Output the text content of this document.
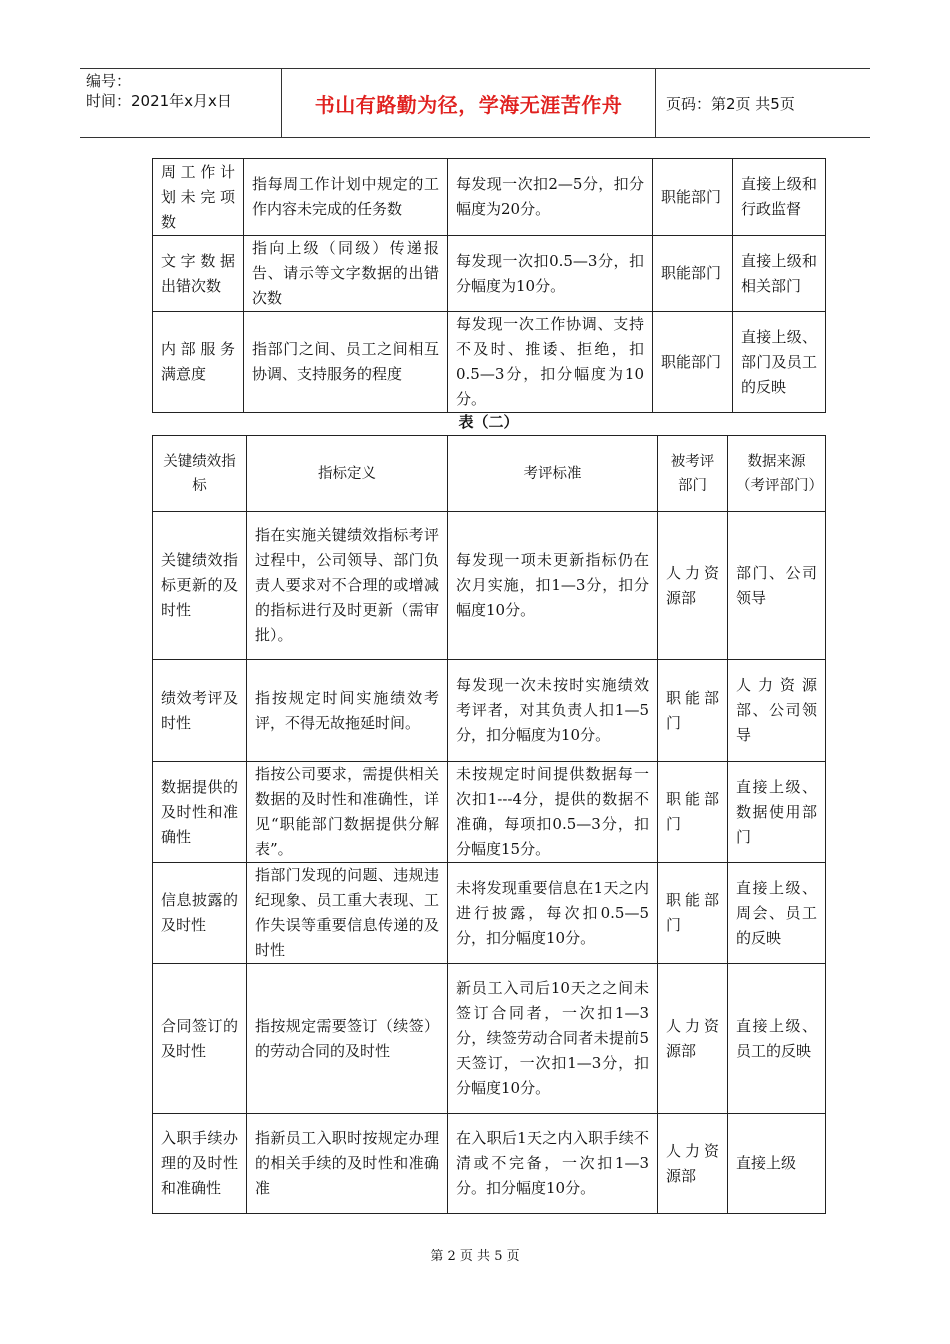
编号：
时间：2021年x月x日	书山有路勤为径，学海无涯苦作舟	页码：第2页 共5页
周工作计划未完项数	指每周工作计划中规定的工作内容未完成的任务数	每发现一次扣2—5分，扣分幅度为20分。	职能部门	直接上级和行政监督
文字数据出错次数	指向上级（同级）传递报告、请示等文字数据的出错次数	每发现一次扣0.5—3分，扣分幅度为10分。	职能部门	直接上级和相关部门
内部服务满意度	指部门之间、员工之间相互协调、支持服务的程度	每发现一次工作协调、支持不及时、推诿、拒绝，扣0.5—3分，扣分幅度为10分。	职能部门	直接上级、部门及员工的反映
表（二）
关键绩效指标	指标定义	考评标准	被考评部门	数据来源（考评部门）
关键绩效指标更新的及时性	指在实施关键绩效指标考评过程中，公司领导、部门负责人要求对不合理的或增减的指标进行及时更新（需审批）。	每发现一项未更新指标仍在次月实施，扣1—3分，扣分幅度10分。	人力资源部	部门、公司领导
绩效考评及时性	指按规定时间实施绩效考评，不得无故拖延时间。	每发现一次未按时实施绩效考评者，对其负责人扣1—5分，扣分幅度为10分。	职能部门	人力资源部、公司领导
数据提供的及时性和准确性	指按公司要求，需提供相关数据的及时性和准确性，详见“职能部门数据提供分解表”。	未按规定时间提供数据每一次扣1---4分，提供的数据不准确，每项扣0.5—3分，扣分幅度15分。	职能部门	直接上级、数据使用部门
信息披露的及时性	指部门发现的问题、违规违纪现象、员工重大表现、工作失误等重要信息传递的及时性	未将发现重要信息在1天之内进行披露，每次扣0.5—5分，扣分幅度10分。	职能部门	直接上级、周会、员工的反映
合同签订的及时性	指按规定需要签订（续签）的劳动合同的及时性	新员工入司后10天之之间未签订合同者，一次扣1—3分，续签劳动合同者未提前5天签订，一次扣1—3分，扣分幅度10分。	人力资源部	直接上级、员工的反映
入职手续办理的及时性和准确性	指新员工入职时按规定办理的相关手续的及时性和准确准	在入职后1天之内入职手续不清或不完备，一次扣1—3分。扣分幅度10分。	人力资源部	直接上级
第 2 页 共 5 页
